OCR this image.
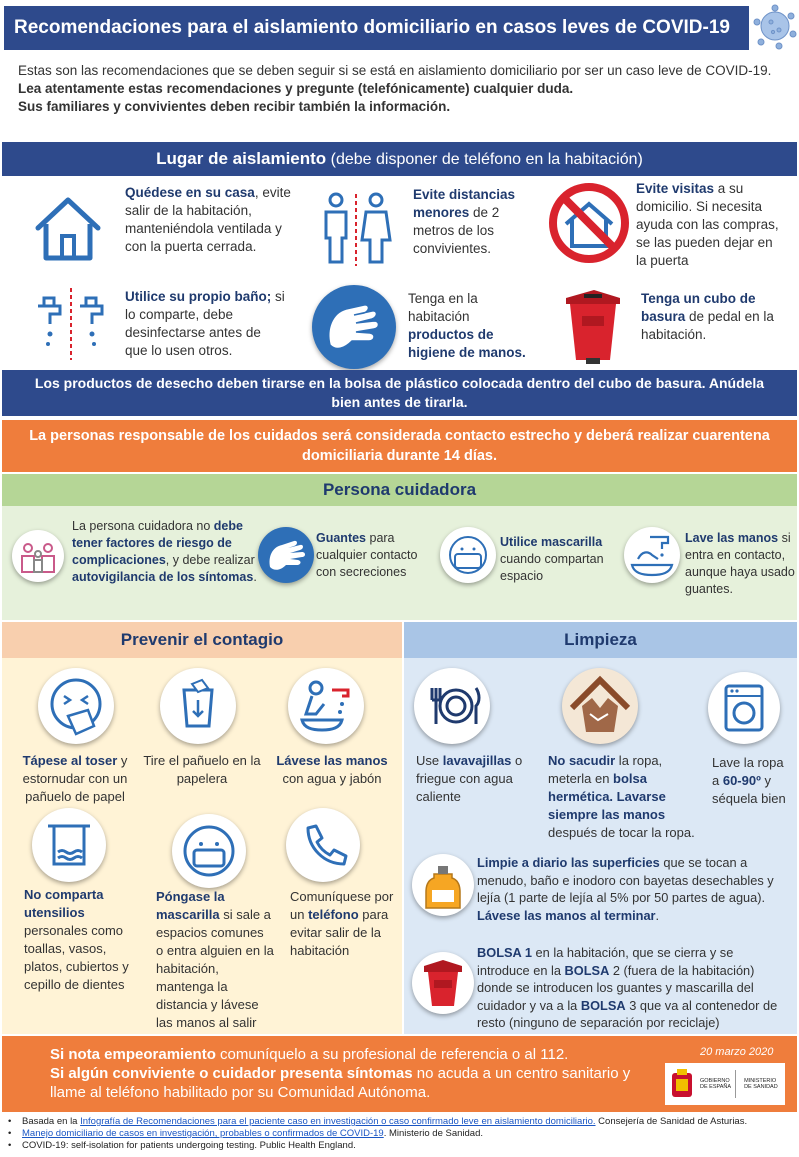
Recomendaciones para el aislamiento domiciliario en casos leves de COVID-19

Estas son las recomendaciones que se deben seguir si se está en aislamiento domiciliario por ser un caso leve de COVID-19.

Lea atentamente estas recomendaciones y pregunte (telefónicamente) cualquier duda.

Sus familiares y convivientes deben recibir también la información.

Lugar de aislamiento (debe disponer de teléfono en la habitación)
Quédese en su casa, evite salir de la habitación, manteniéndola ventilada y con la puerta cerrada.
Evite distancias menores de 2 metros de los convivientes.
Evite visitas a su domicilio. Si necesita ayuda con las compras, se las pueden dejar en la puerta
Utilice su propio baño; si lo comparte, debe desinfectarse antes de que lo usen otros.
Tenga en la habitación productos de higiene de manos.
Tenga un cubo de basura de pedal en la habitación.
Los productos de desecho deben tirarse en la bolsa de plástico colocada dentro del cubo de basura. Anúdela bien antes de tirarla.
La personas responsable de los cuidados será considerada contacto estrecho y deberá realizar cuarentena domiciliaria durante 14 días.
Persona cuidadora
La persona cuidadora no debe tener factores de riesgo de complicaciones, y debe realizar autovigilancia de los síntomas.
Guantes para cualquier contacto con secreciones
Utilice mascarilla cuando compartan espacio
Lave las manos si entra en contacto, aunque haya usado guantes.
Prevenir el contagio	Limpieza
Tápese al toser y estornudar con un pañuelo de papel
Tire el pañuelo en la papelera
Lávese las manos con agua y jabón
No comparta utensilios personales como toallas, vasos, platos, cubiertos y cepillo de dientes
Póngase la mascarilla si sale a espacios comunes o entra alguien en la habitación, mantenga la distancia y lávese las manos al salir
Comuníquese por un teléfono para evitar salir de la habitación
Use lavavajillas o friegue con agua caliente
No sacudir la ropa, meterla en bolsa hermética. Lavarse siempre las manos después de tocar la ropa.
Lave la ropa a 60-90º y séquela bien
Limpie a diario las superficies que se tocan a menudo, baño e inodoro con bayetas desechables y lejía (1 parte de lejía al 5% por 50 partes de agua). Lávese las manos al terminar.
BOLSA 1 en la habitación, que se cierra y se introduce en la BOLSA 2 (fuera de la habitación) donde se introducen los guantes y mascarilla del cuidador y va a la BOLSA 3 que va al contenedor de resto (ninguno de separación por reciclaje)
Si nota empeoramiento comuníquelo a su profesional de referencia o al 112.
Si algún conviviente o cuidador presenta síntomas no acuda a un centro sanitario y llame al teléfono habilitado por su Comunidad Autónoma.
20 marzo 2020
GOBIERNO
DE ESPAÑA
MINISTERIO
DE SANIDAD
• Basada en la Infografía de Recomendaciones para el paciente caso en investigación o caso confirmado leve en aislamiento domiciliario. Consejería de Sanidad de Asturias.
• Manejo domiciliario de casos en investigación, probables o confirmados de COVID-19. Ministerio de Sanidad.
• COVID-19: self-isolation for patients undergoing testing. Public Health England.
